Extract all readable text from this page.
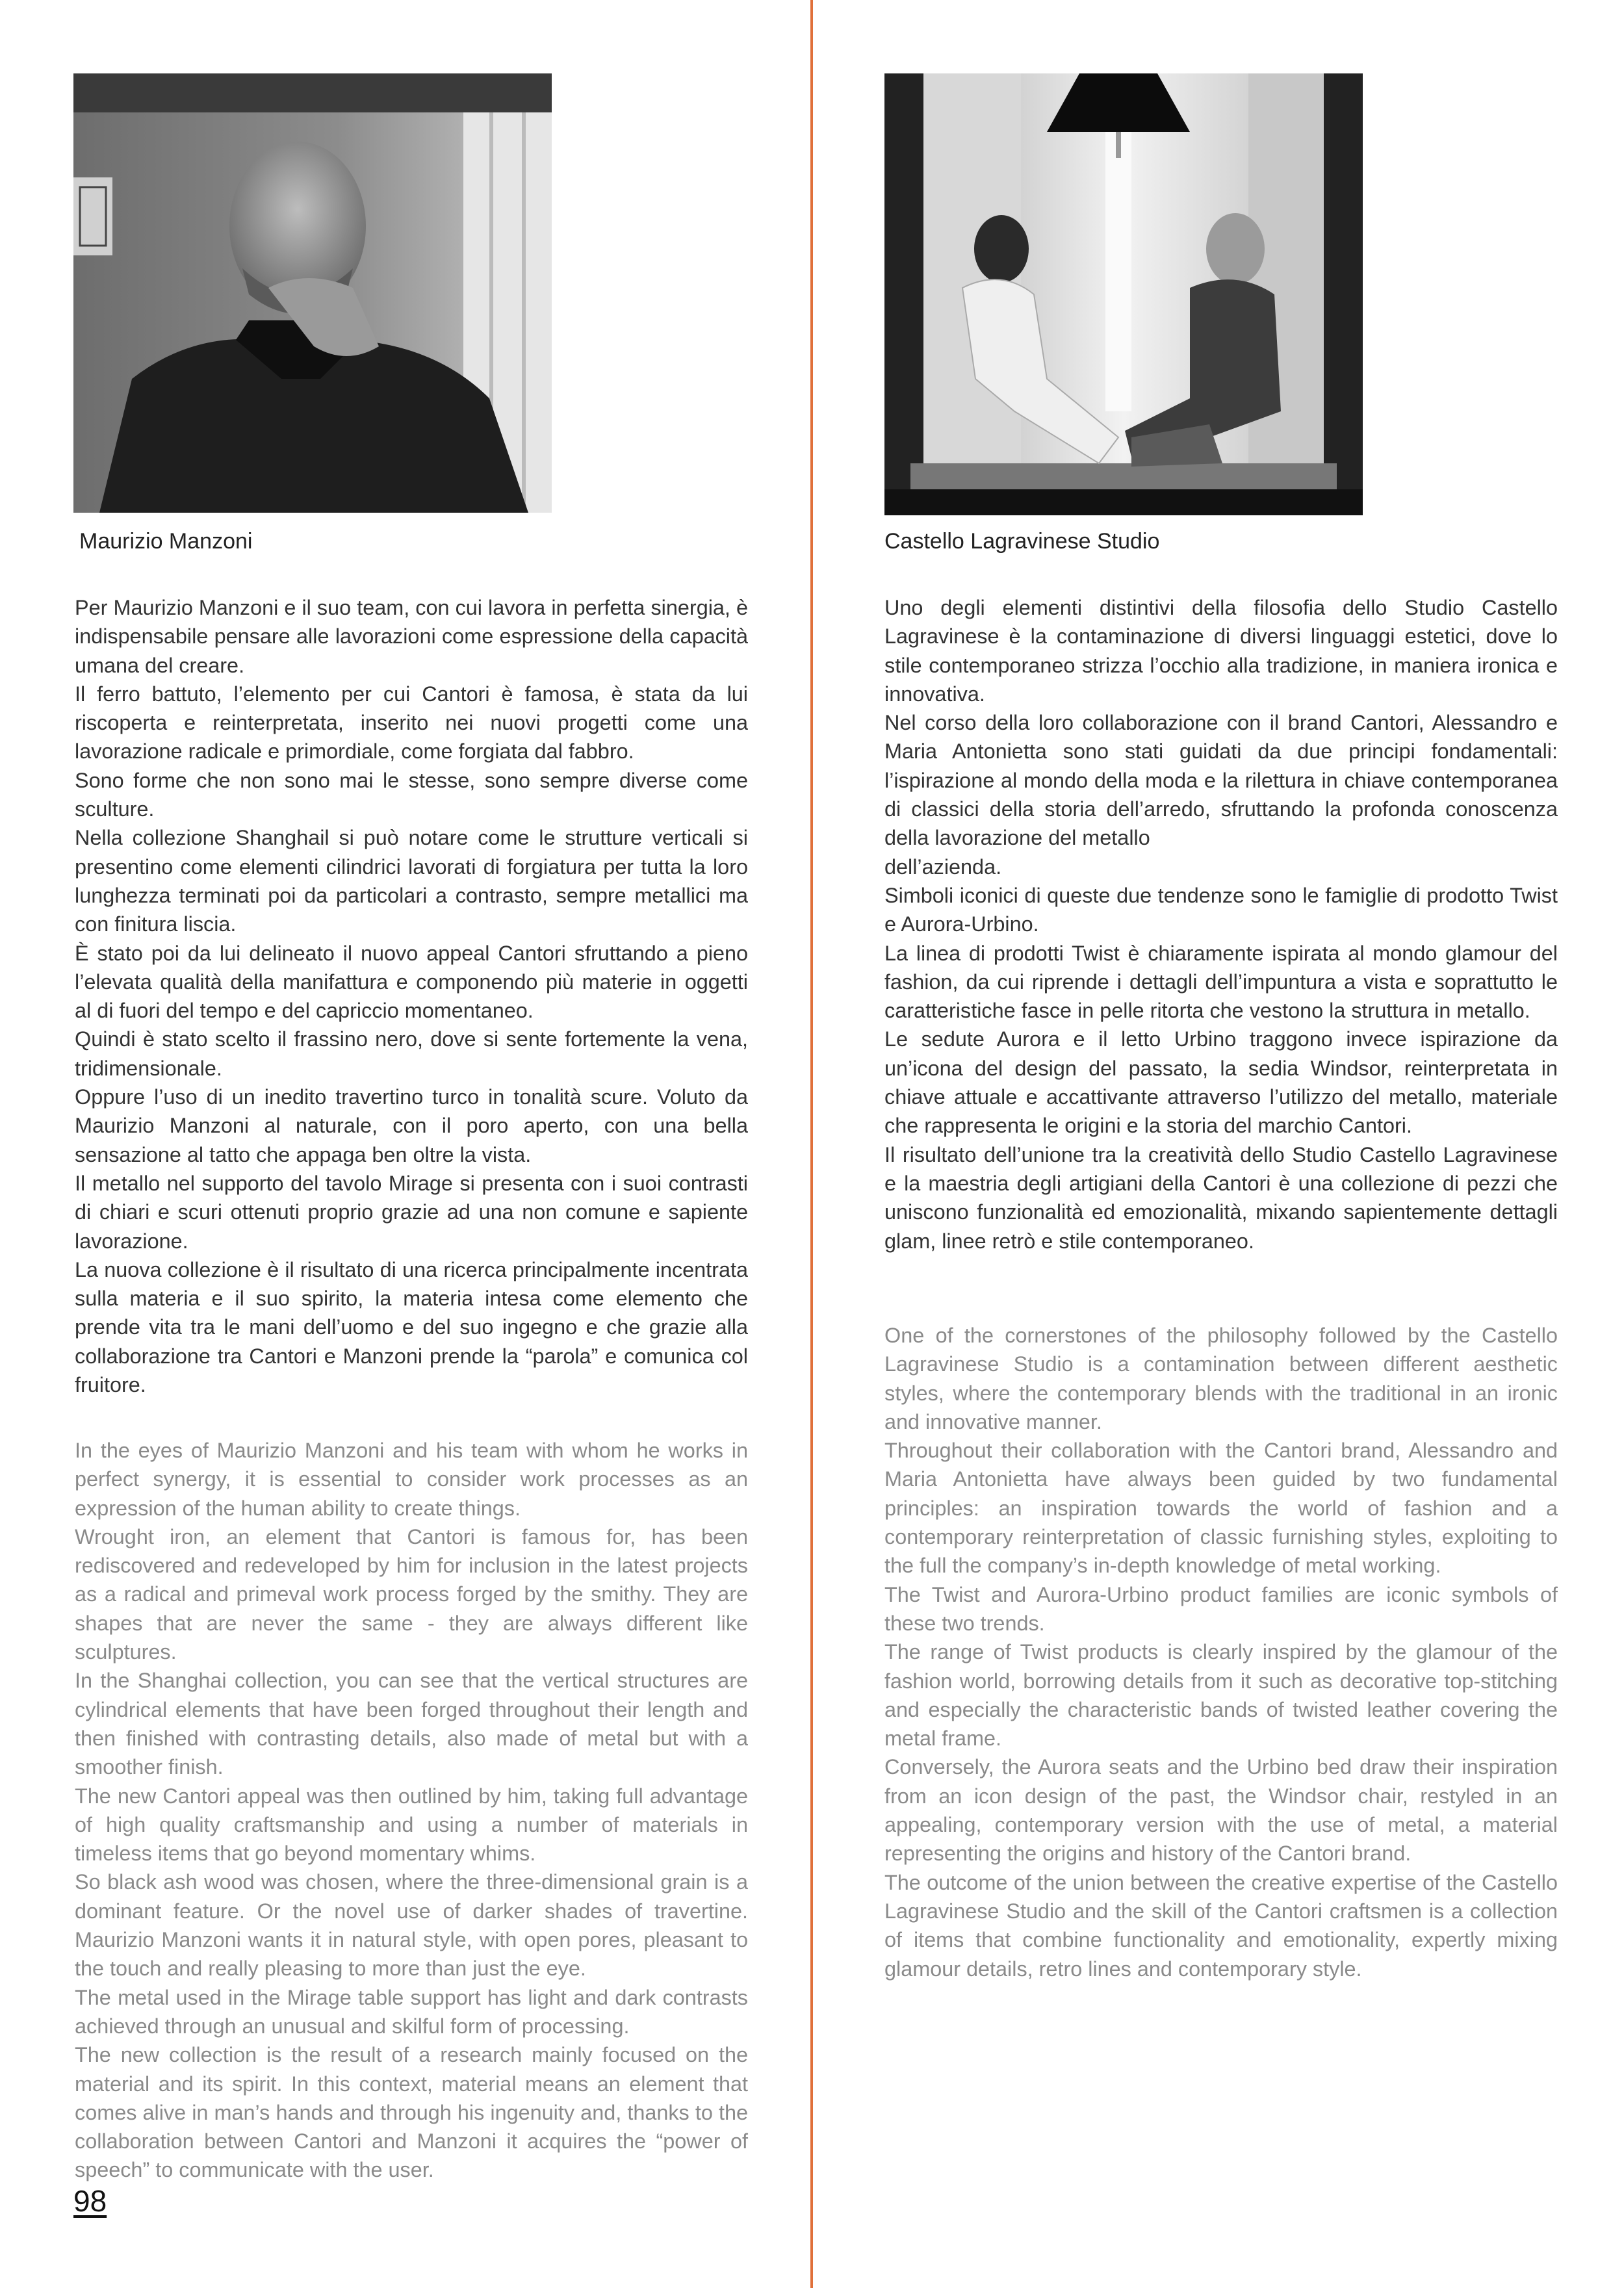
Maurizio Manzoni	Castello Lagravinese Studio

Per Maurizio Manzoni e il suo team, con cui lavora in perfetta sinergia, è indispensabile pensare alle lavorazioni come espressione della capacità umana del creare.

Il ferro battuto, l’elemento per cui Cantori è famosa, è stata da lui riscoperta e reinterpretata, inserito nei nuovi progetti come una lavorazione radicale e primordiale, come forgiata dal fabbro.

Sono forme che non sono mai le stesse, sono sempre diverse come sculture.

Nella collezione Shanghail si può notare come le strutture verticali si presentino come elementi cilindrici lavorati di forgiatura per tutta la loro lunghezza terminati poi da particolari a contrasto, sempre metallici ma con finitura liscia.

È stato poi da lui delineato il nuovo appeal Cantori sfruttando a pieno l’elevata qualità della manifattura e componendo più materie in oggetti al di fuori del tempo e del capriccio momentaneo.

Quindi è stato scelto il frassino nero, dove si sente fortemente la vena, tridimensionale.

Oppure l’uso di un inedito travertino turco in tonalità scure. Voluto da Maurizio Manzoni al naturale, con il poro aperto, con una bella sensazione al tatto che appaga ben oltre la vista.

Il metallo nel supporto del tavolo Mirage si presenta con i suoi contrasti di chiari e scuri ottenuti proprio grazie ad una non comune e sapiente lavorazione.

La nuova collezione è il risultato di una ricerca principalmente incentrata sulla materia e il suo spirito, la materia intesa come elemento che prende vita tra le mani dell’uomo e del suo ingegno e che grazie alla collaborazione tra Cantori e Manzoni prende la “parola” e comunica col fruitore.

In the eyes of Maurizio Manzoni and his team with whom he works in perfect synergy, it is essential to consider work processes as an expression of the human ability to create things.

Wrought iron, an element that Cantori is famous for, has been rediscovered and redeveloped by him for inclusion in the latest projects as a radical and primeval work process forged by the smithy. They are shapes that are never the same - they are always different like sculptures.

In the Shanghai collection, you can see that the vertical structures are cylindrical elements that have been forged throughout their length and then finished with contrasting details, also made of metal but with a smoother finish.

The new Cantori appeal was then outlined by him, taking full advantage of high quality craftsmanship and using a number of materials in timeless items that go beyond momentary whims.

So black ash wood was chosen, where the three-dimensional grain is a dominant feature. Or the novel use of darker shades of travertine. Maurizio Manzoni wants it in natural style, with open pores, pleasant to the touch and really pleasing to more than just the eye.

The metal used in the Mirage table support has light and dark contrasts achieved through an unusual and skilful form of processing.

The new collection is the result of a research mainly focused on the material and its spirit. In this context, material means an element that comes alive in man’s hands and through his ingenuity and, thanks to the collaboration between Cantori and Manzoni it acquires the “power of speech” to communicate with the user.

Uno degli elementi distintivi della filosofia dello Studio Castello Lagravinese è la contaminazione di diversi linguaggi estetici, dove lo stile contemporaneo strizza l’occhio alla tradizione, in maniera ironica e innovativa.

Nel corso della loro collaborazione con il brand Cantori, Alessandro e Maria Antonietta sono stati guidati da due principi fondamentali: l’ispirazione al mondo della moda e la rilettura in chiave contemporanea di classici della storia dell’arredo, sfruttando la profonda conoscenza della lavorazione del metallo

dell’azienda.

Simboli iconici di queste due tendenze sono le famiglie di prodotto Twist e Aurora-Urbino.

La linea di prodotti Twist è chiaramente ispirata al mondo glamour del fashion, da cui riprende i dettagli dell’impuntura a vista e soprattutto le caratteristiche fasce in pelle ritorta che vestono la struttura in metallo.

Le sedute Aurora e il letto Urbino traggono invece ispirazione da un’icona del design del passato, la sedia Windsor, reinterpretata in chiave attuale e accattivante attraverso l’utilizzo del metallo, materiale che rappresenta le origini e la storia del marchio Cantori.

Il risultato dell’unione tra la creatività dello Studio Castello Lagravinese e la maestria degli artigiani della Cantori è una collezione di pezzi che uniscono funzionalità ed emozionalità, mixando sapientemente dettagli glam, linee retrò e stile contemporaneo.

One of the cornerstones of the philosophy followed by the Castello Lagravinese Studio is a contamination between different aesthetic styles, where the contemporary blends with the traditional in an ironic and innovative manner.

Throughout their collaboration with the Cantori brand, Alessandro and Maria Antonietta have always been guided by two fundamental principles: an inspiration towards the world of fashion and a contemporary reinterpretation of classic furnishing styles, exploiting to the full the company’s in-depth knowledge of metal working.

The Twist and Aurora-Urbino product families are iconic symbols of these two trends.

The range of Twist products is clearly inspired by the glamour of the fashion world, borrowing details from it such as decorative top-stitching and especially the characteristic bands of twisted leather covering the metal frame.

Conversely, the Aurora seats and the Urbino bed draw their inspiration from an icon design of the past, the Windsor chair, restyled in an appealing, contemporary version with the use of metal, a material representing the origins and history of the Cantori brand.

The outcome of the union between the creative expertise of the Castello Lagravinese Studio and the skill of the Cantori craftsmen is a collection of items that combine functionality and emotionality, expertly mixing glamour details, retro lines and contemporary style.

98
